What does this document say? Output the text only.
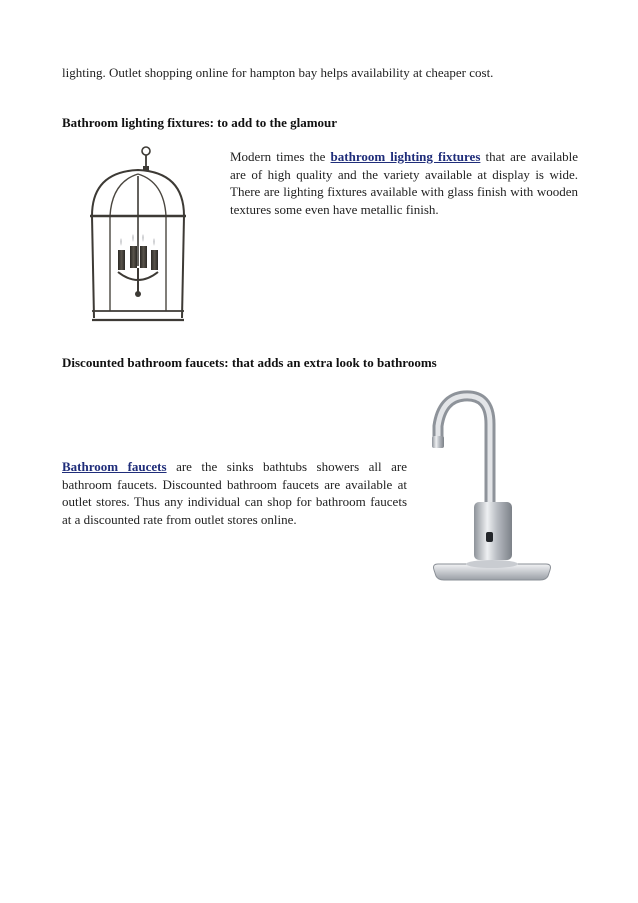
lighting. Outlet shopping online for hampton bay helps availability at cheaper cost.
Bathroom lighting fixtures: to add to the glamour
Modern times the bathroom lighting fixtures that are available are of high quality and the variety available at display is wide. There are lighting fixtures available with glass finish with wooden textures some even have metallic finish.
Discounted bathroom faucets: that adds an extra look to bathrooms
Bathroom faucets are the sinks bathtubs showers all are bathroom faucets. Discounted bathroom faucets are available at outlet stores. Thus any individual can shop for bathroom faucets at a discounted rate from outlet stores online.
